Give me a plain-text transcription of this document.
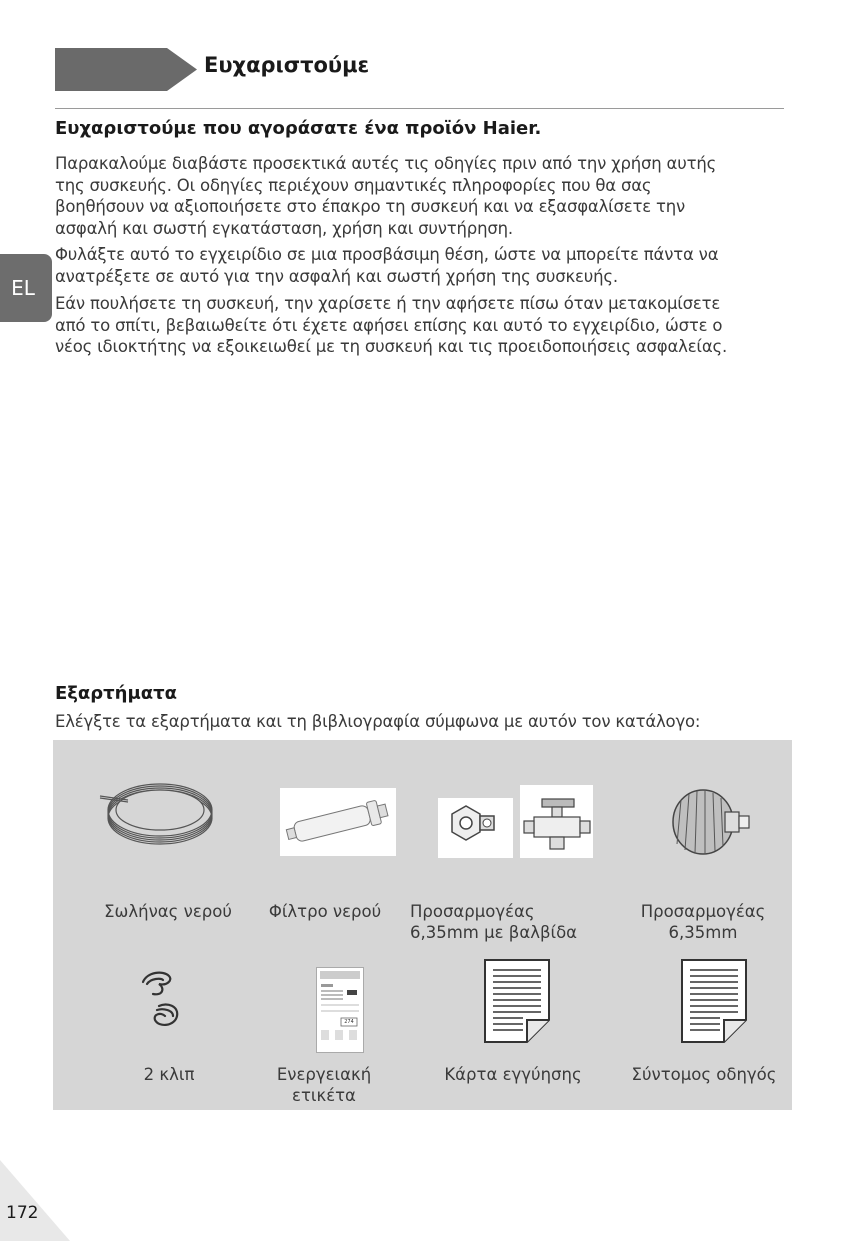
Ευχαριστούμε
EL
Ευχαριστούμε που αγοράσατε ένα προϊόν Haier.
Παρακαλούμε διαβάστε προσεκτικά αυτές τις οδηγίες πριν από την χρήση αυτής
της συσκευής. Οι οδηγίες περιέχουν σημαντικές πληροφορίες που θα σας
βοηθήσουν να αξιοποιήσετε στο έπακρο τη συσκευή και να εξασφαλίσετε την
ασφαλή και σωστή εγκατάσταση, χρήση και συντήρηση.
Φυλάξτε αυτό το εγχειρίδιο σε μια προσβάσιμη θέση, ώστε να μπορείτε πάντα να
ανατρέξετε σε αυτό για την ασφαλή και σωστή χρήση της συσκευής.
Εάν πουλήσετε τη συσκευή, την χαρίσετε ή την αφήσετε πίσω όταν μετακομίσετε
από το σπίτι, βεβαιωθείτε ότι έχετε αφήσει επίσης και αυτό το εγχειρίδιο, ώστε ο
νέος ιδιοκτήτης να εξοικειωθεί με τη συσκευή και τις προειδοποιήσεις ασφαλείας.
Εξαρτήματα
Ελέγξτε τα εξαρτήματα και τη βιβλιογραφία σύμφωνα με αυτόν τον κατάλογο:
Σωλήνας νερού	Φίλτρο νερού	Προσαρμογέας
6,35mm με βαλβίδα
Προσαρμογέας
6,35mm
2 κλιπ
274
Ενεργειακή
ετικέτα
Κάρτα εγγύησης	Σύντομος οδηγός
172
